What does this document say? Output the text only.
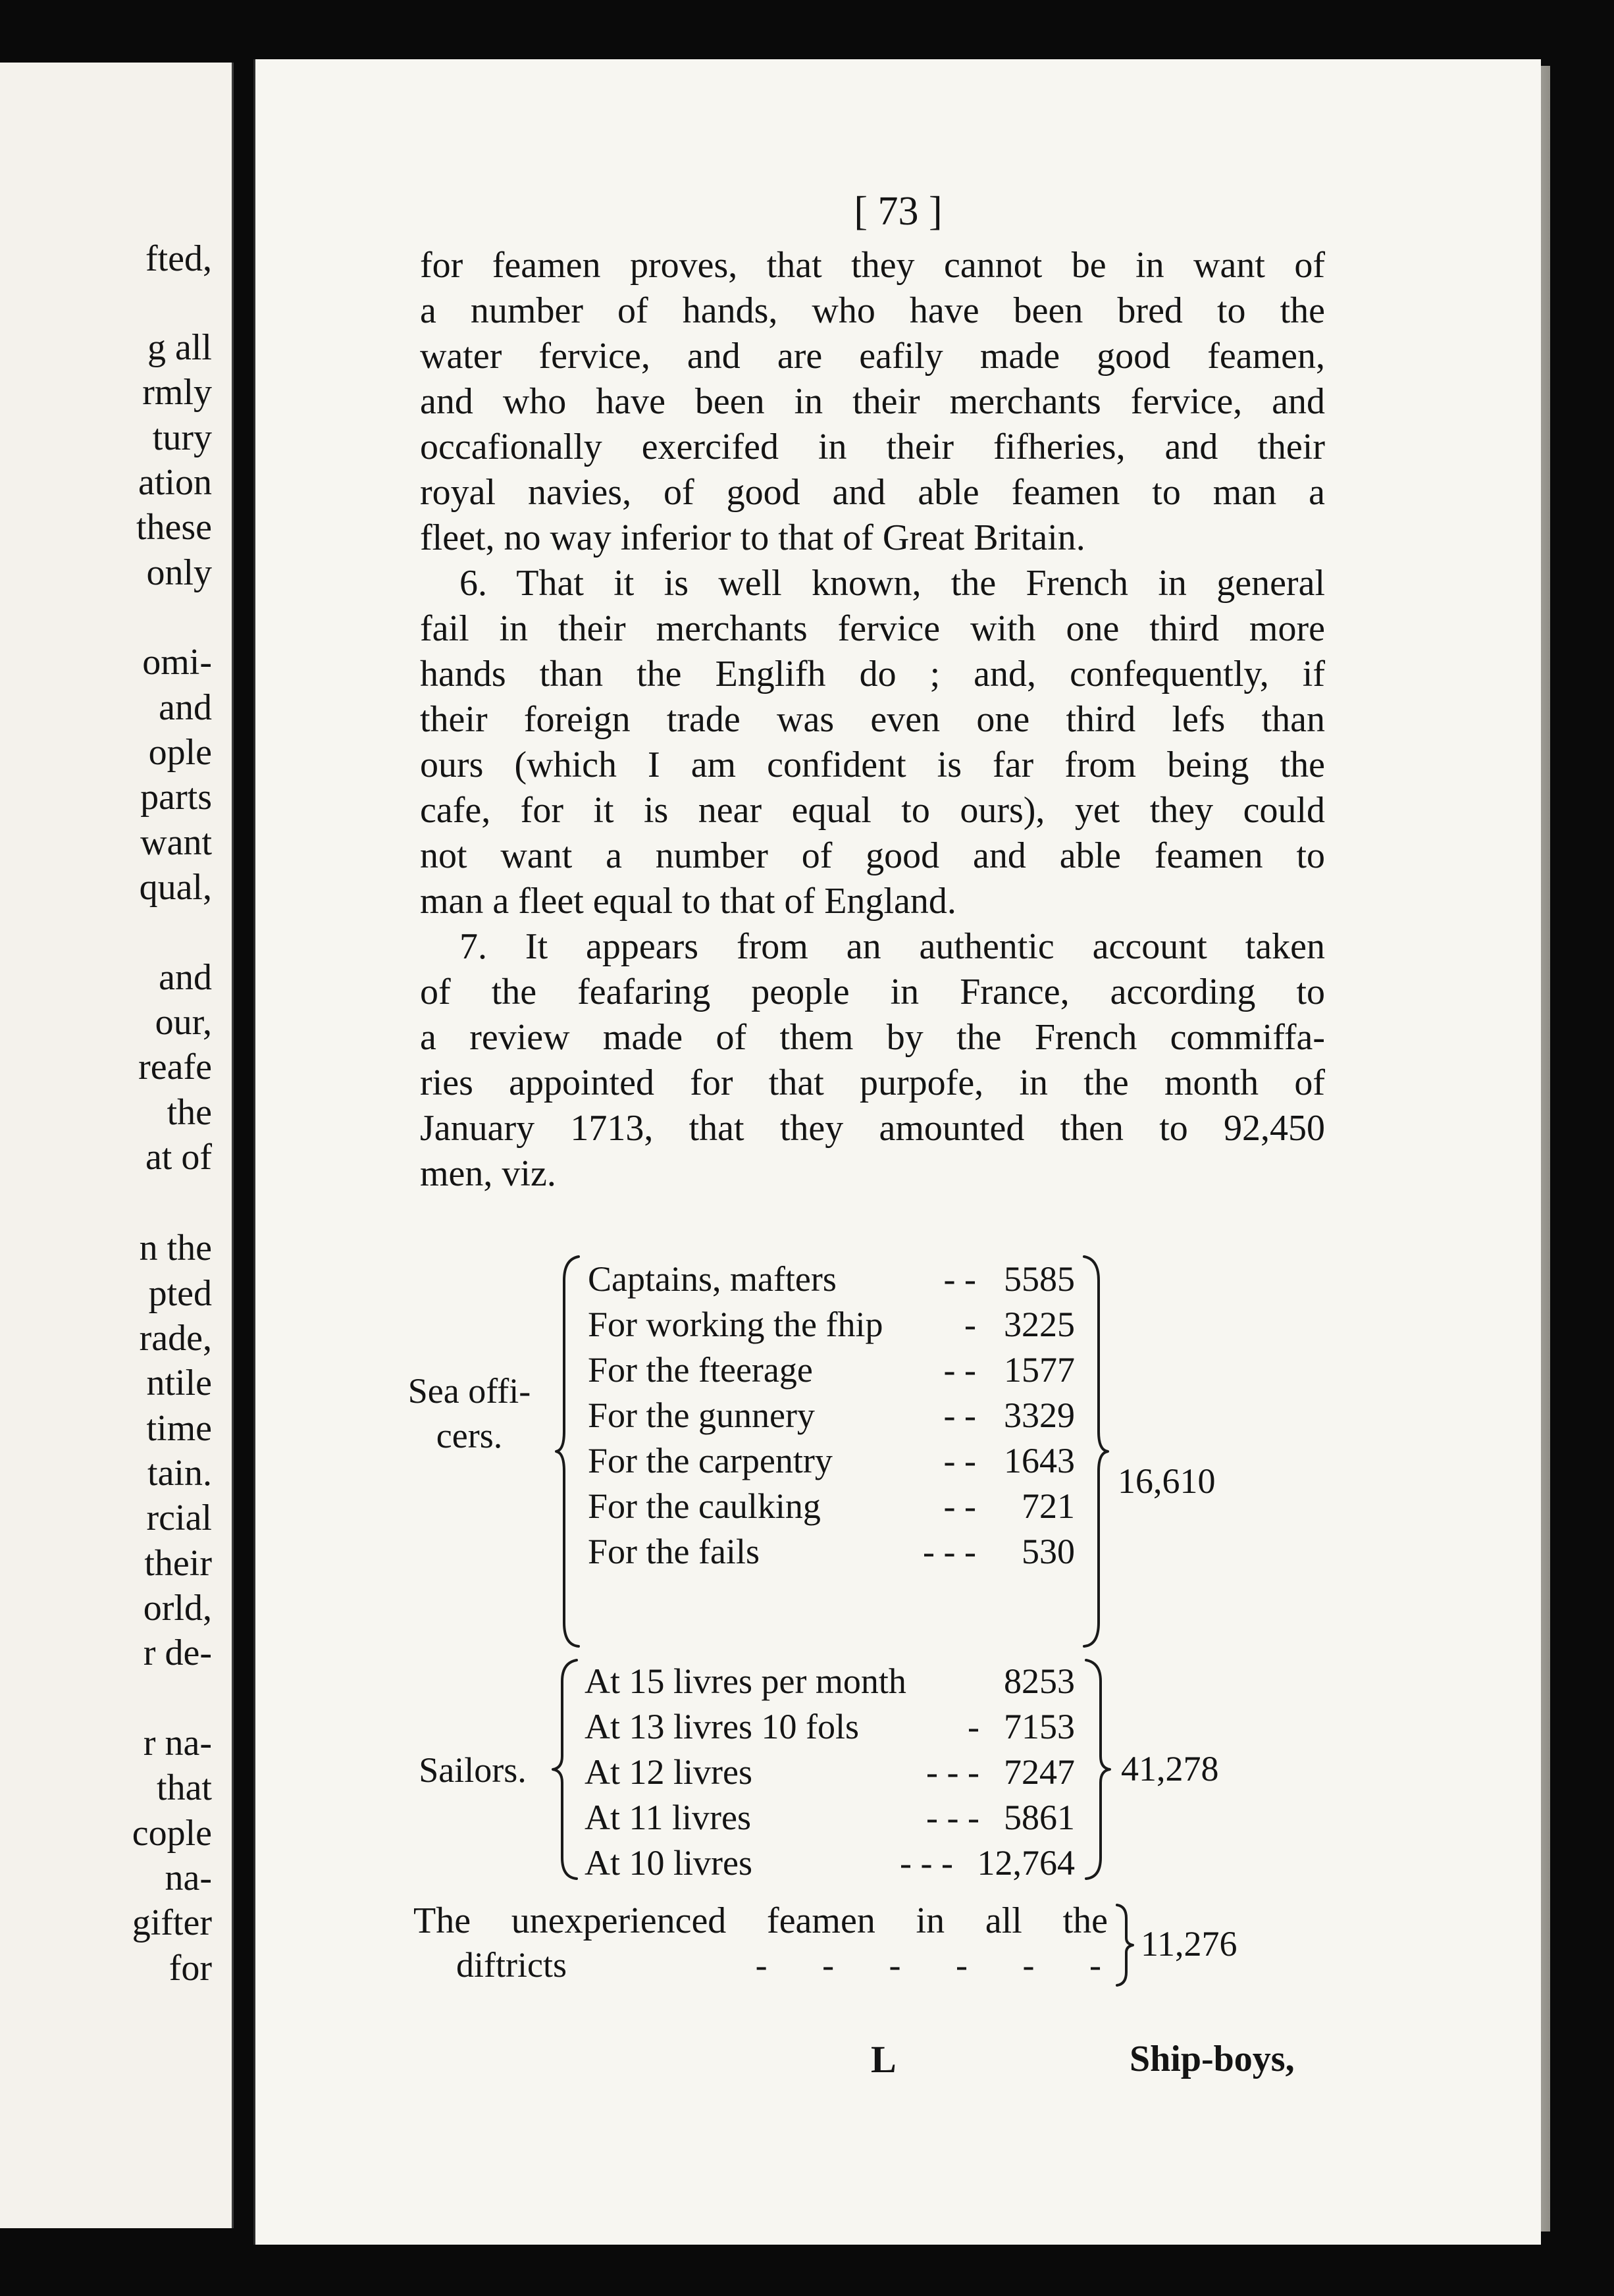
fted,

g all

rmly

tury

ation

these

only

omi-

and

ople

parts

want

qual,

and

our,

reafe

the

at of

n the

pted

rade,

ntile

time

tain.

rcial

their

orld,

r de-

r na-

that

cople

na-

gifter

for

[ 73 ]

for feamen proves, that they cannot be in want of

a number of hands, who have been bred to the

water fervice, and are eafily made good feamen,

and who have been in their merchants fervice, and

occafionally exercifed in their fifheries, and their

royal navies, of good and able feamen to man a

fleet, no way inferior to that of Great Britain.

6. That it is well known, the French in general

fail in their merchants fervice with one third more

hands than the Englifh do ; and, confequently, if

their foreign trade was even one third lefs than

ours (which I am confident is far from being the

cafe, for it is near equal to ours), yet they could

not want a number of good and able feamen to

man a fleet equal to that of England.

7. It appears from an authentic account taken

of the feafaring people in France, according to

a review made of them by the French commiffa-

ries appointed for that purpofe, in the month of

January 1713, that they amounted then to 92,450

men, viz.

Sea offi-
cers.

Captains, mafters	- - 5585

For working the fhip	- 3225

For the fteerage	- - 1577

For the gunnery	- - 3329

For the carpentry	- - 1643

For the caulking	- - 721

For the fails	- - - 530

16,610

Sailors.

At 15 livres per month	8253

At 13 livres 10 fols	- 7153

At 12 livres	- - - 7247

At 11 livres	- - - 5861

At 10 livres	- - - 12,764

41,278

The unexperienced feamen in all the

diftricts	- - - - - -

11,276

L	Ship-boys,
